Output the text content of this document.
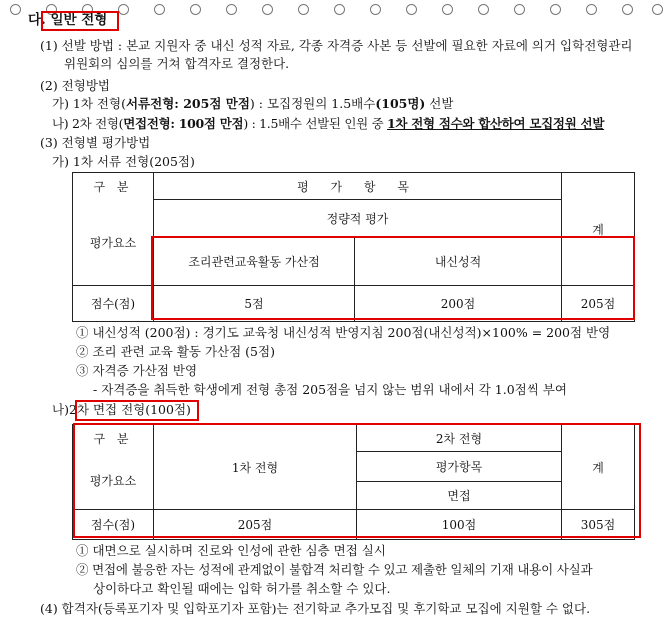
다. 일반 전형
(1) 선발 방법 : 본교 지원자 중 내신 성적 자료, 각종 자격증 사본 등 선발에 필요한 자료에 의거 입학전형관리
위원회의 심의를 거쳐 합격자로 결정한다.
(2) 전형방법
가) 1차 전형(서류전형: 205점 만점) : 모집정원의 1.5배수(105명) 선발
나) 2차 전형(면접전형: 100점 만점) : 1.5배수 선발된 인원 중 1차 전형 점수와 합산하여 모집정원 선발
(3) 전형별 평가방법
가) 1차 서류 전형(205점)
구 분	평 가 항 목		계
평가요소	정량적 평가		
	조리관련교육활동 가산점	내신성적	
점수(점)	5점	200점	205점
① 내신성적 (200점) : 경기도 교육청 내신성적 반영지침 200점(내신성적)×100% = 200점 반영
② 조리 관련 교육 활동 가산점 (5점)
③ 자격증 가산점 반영
- 자격증을 취득한 학생에게 전형 총점 205점을 넘지 않는 범위 내에서 각 1.0점씩 부여
나)2차 면접 전형(100점)
구 분	1차 전형	2차 전형	계
평가요소		평가항목	
		면접	
점수(점)	205점	100점	305점
① 대면으로 실시하며 진로와 인성에 관한 심층 면접 실시
② 면접에 불응한 자는 성적에 관계없이 불합격 처리할 수 있고 제출한 일체의 기재 내용이 사실과
상이하다고 확인될 때에는 입학 허가를 취소할 수 있다.
(4) 합격자(등록포기자 및 입학포기자 포함)는 전기학교 추가모집 및 후기학교 모집에 지원할 수 없다.
